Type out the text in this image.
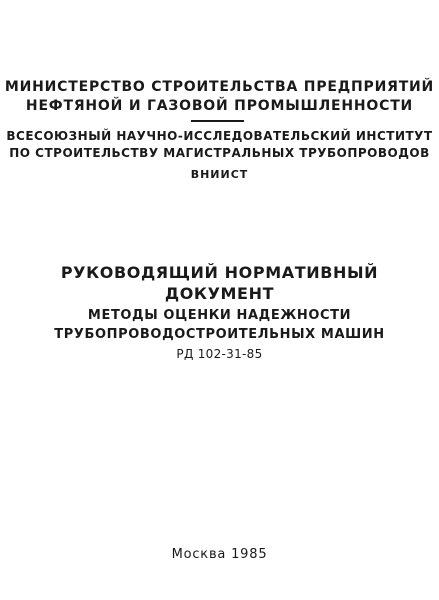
МИНИСТЕРСТВО СТРОИТЕЛЬСТВА ПРЕДПРИЯТИЙ
НЕФТЯНОЙ И ГАЗОВОЙ ПРОМЫШЛЕННОСТИ
ВСЕСОЮЗНЫЙ НАУЧНО-ИССЛЕДОВАТЕЛЬСКИЙ ИНСТИТУТ
ПО СТРОИТЕЛЬСТВУ МАГИСТРАЛЬНЫХ ТРУБОПРОВОДОВ
ВНИИСТ
РУКОВОДЯЩИЙ НОРМАТИВНЫЙ
ДОКУМЕНТ
МЕТОДЫ ОЦЕНКИ НАДЕЖНОСТИ
ТРУБОПРОВОДОСТРОИТЕЛЬНЫХ МАШИН
РД 102-31-85
Москва 1985
